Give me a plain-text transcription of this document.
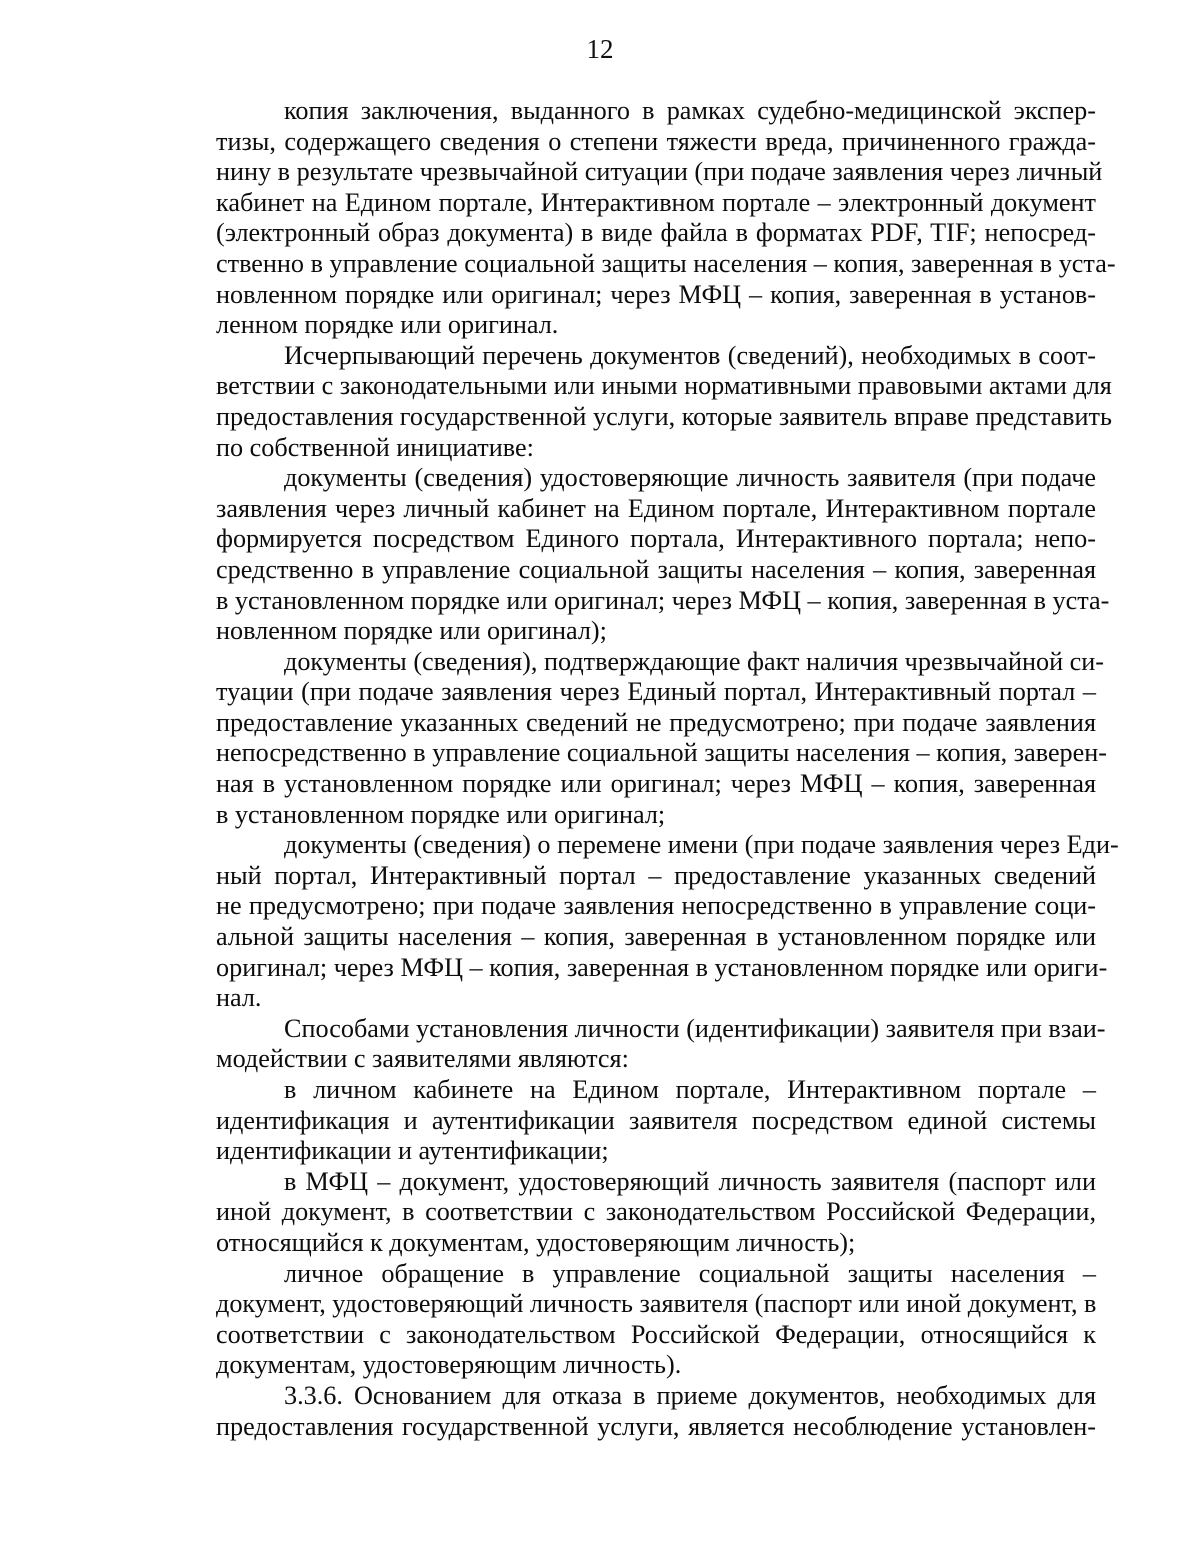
12

копия заключения, выданного в рамках судебно-медицинской экспер-
тизы, содержащего сведения о степени тяжести вреда, причиненного гражда-
нину в результате чрезвычайной ситуации (при подаче заявления через личный
кабинет на Едином портале, Интерактивном портале – электронный документ
(электронный образ документа) в виде файла в форматах PDF, TIF; непосред-
ственно в управление социальной защиты населения – копия, заверенная в уста-
новленном порядке или оригинал; через МФЦ – копия, заверенная в установ-
ленном порядке или оригинал.

Исчерпывающий перечень документов (сведений), необходимых в соот-
ветствии с законодательными или иными нормативными правовыми актами для
предоставления государственной услуги, которые заявитель вправе представить
по собственной инициативе:

документы (сведения) удостоверяющие личность заявителя (при подаче
заявления через личный кабинет на Едином портале, Интерактивном портале
формируется посредством Единого портала, Интерактивного портала; непо-
средственно в управление социальной защиты населения – копия, заверенная
в установленном порядке или оригинал; через МФЦ – копия, заверенная в уста-
новленном порядке или оригинал);

документы (сведения), подтверждающие факт наличия чрезвычайной си-
туации (при подаче заявления через Единый портал, Интерактивный портал –
предоставление указанных сведений не предусмотрено; при подаче заявления
непосредственно в управление социальной защиты населения – копия, заверен-
ная в установленном порядке или оригинал; через МФЦ – копия, заверенная
в установленном порядке или оригинал;

документы (сведения) о перемене имени (при подаче заявления через Еди-
ный портал, Интерактивный портал – предоставление указанных сведений
не предусмотрено; при подаче заявления непосредственно в управление соци-
альной защиты населения – копия, заверенная в установленном порядке или
оригинал; через МФЦ – копия, заверенная в установленном порядке или ориги-
нал.

Способами установления личности (идентификации) заявителя при взаи-
модействии с заявителями являются:

в личном кабинете на Едином портале, Интерактивном портале –
идентификация и аутентификации заявителя посредством единой системы
идентификации и аутентификации;

в МФЦ – документ, удостоверяющий личность заявителя (паспорт или
иной документ, в соответствии с законодательством Российской Федерации,
относящийся к документам, удостоверяющим личность);

личное обращение в управление социальной защиты населения –
документ, удостоверяющий личность заявителя (паспорт или иной документ, в
соответствии с законодательством Российской Федерации, относящийся к
документам, удостоверяющим личность).

3.3.6. Основанием для отказа в приеме документов, необходимых для
предоставления государственной услуги, является несоблюдение установлен-
